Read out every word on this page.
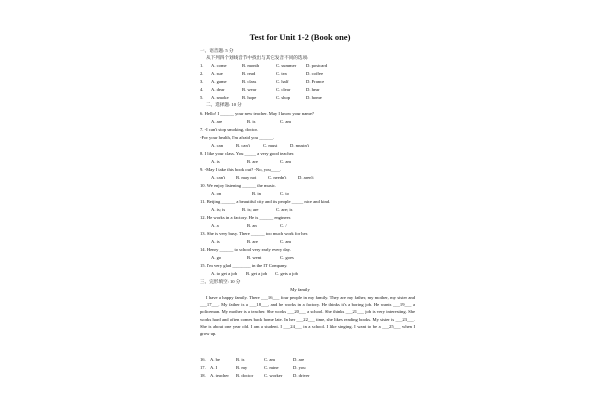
Test for Unit 1-2 (Book one)
一、语音题: 5 分
从下列四个划线音节中找出与其它发音不同的选项:
1. A. come	B. month	C. summer D. postcard
2. A. sue	B. read	C. tea	D. coffee
3. A. game	B. class	C. half	D. France
4. A. dear	B. wear	C. clear	D. hear
5. A. smoke	B. hope	C. shop	D. home
二、选择题: 10 分
6. Hello! I ______ your new teacher. May I know your name?
A. are	B. is	C. am
7. -I can't stop smoking, doctor.
-For your health, I'm afraid you ______.
A. can	B. can't	C. must	D. mustn't
8. I like your class. You _____ a very good teacher.
A. is	B. are	C. am
9. -May I take this book out? -No, you____.
A. can't B. may not	C. needn't	D. aren't
10. We enjoy listening ______ the music.
A. on	B. in	C. to
11. Beijing ______ a beautiful city and its people _____ nice and kind.
A. is; is	B. is; are	C. are; is
12. He works in a factory. He is ______ engineer.
A. a	B. an	C. /
13. She is very busy. There ______ too much work for her.
A. is	B. are	C. am
14. Henry ______ to school very early every day.
A. go	B. went	C. goes
15. I'm very glad ________ in the IT Company.
A. to get a job B. get a job C. gets a job
三、完形填空: 10 分
My family
I have a happy family. There ___16___ four people in my family. They are my father, my mother, my sister and ___17___. My father is a ___18___, and he works in a factory. He thinks it's a boring job. He wants ___19___ a policeman. My mother is a teacher. She works ___20___ a school. She thinks ___21___ job is very interesting. She works hard and often comes back home late. In her ___22___ time, she likes reading books. My sister is ___23___. She is about one year old. I am a student. I ___24___ in a school. I like singing. I want to be a ___25___ when I grow up.
16. A. be	B. is	C. am	D. are
17. A. I	B. my	C. mine	D. you
18. A. teacher B. doctor C. worker D. driver
